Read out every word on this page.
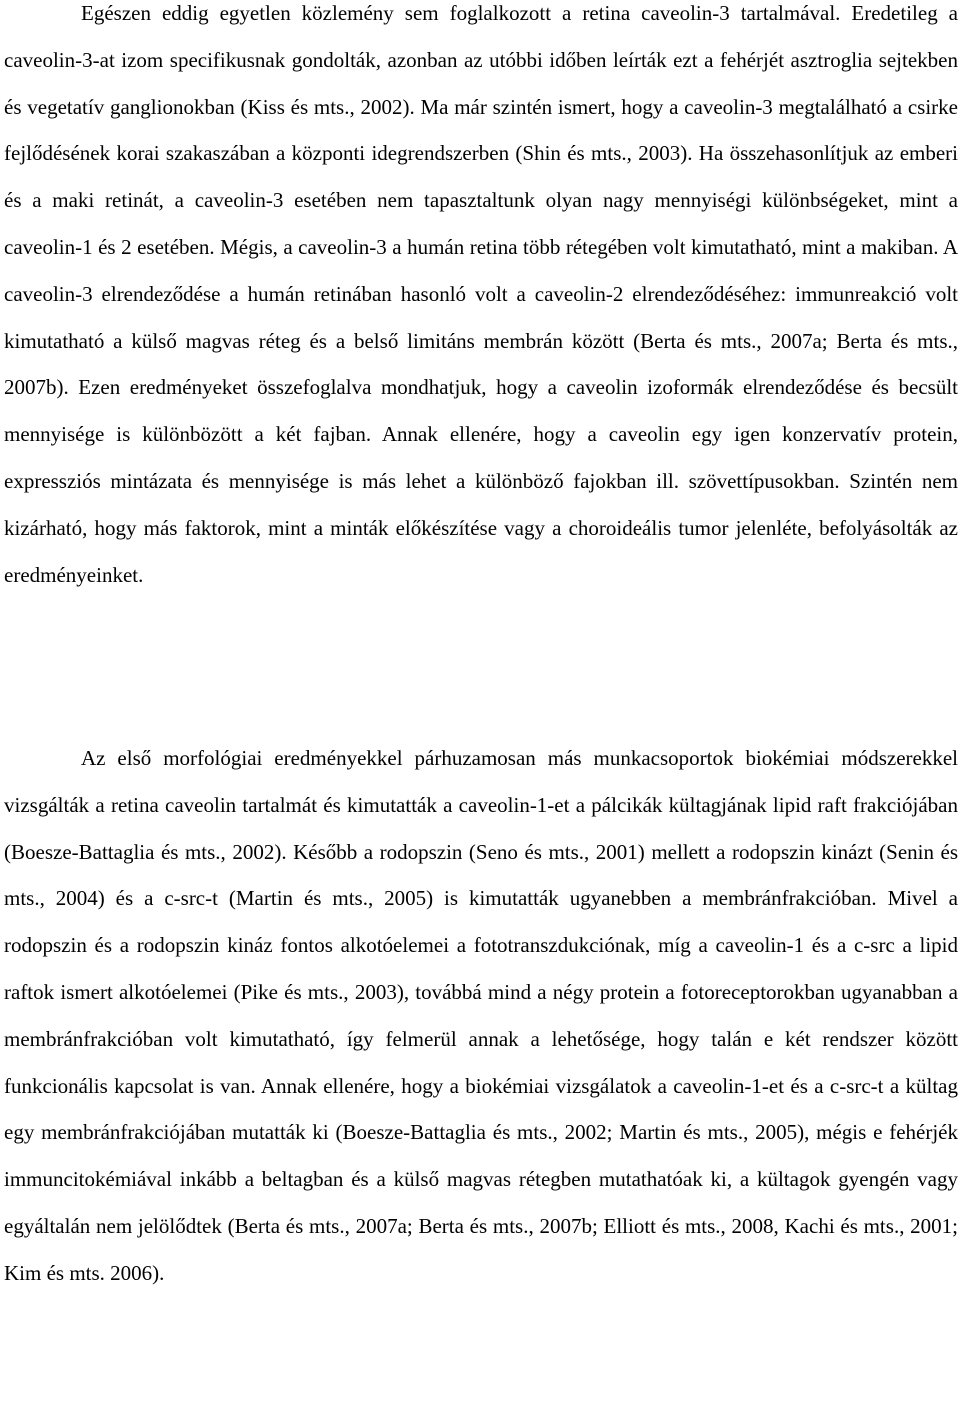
Egészen eddig egyetlen közlemény sem foglalkozott a retina caveolin-3 tartalmával. Eredetileg a caveolin-3-at izom specifikusnak gondolták, azonban az utóbbi időben leírták ezt a fehérjét asztroglia sejtekben és vegetatív ganglionokban (Kiss és mts., 2002). Ma már szintén ismert, hogy a caveolin-3 megtalálható a csirke fejlődésének korai szakaszában a központi idegrendszerben (Shin és mts., 2003). Ha összehasonlítjuk az emberi és a maki retinát, a caveolin-3 esetében nem tapasztaltunk olyan nagy mennyiségi különbségeket, mint a caveolin-1 és 2 esetében. Mégis, a caveolin-3 a humán retina több rétegében volt kimutatható, mint a makiban. A caveolin-3 elrendeződése a humán retinában hasonló volt a caveolin-2 elrendeződéséhez: immunreakció volt kimutatható a külső magvas réteg és a belső limitáns membrán között (Berta és mts., 2007a; Berta és mts., 2007b). Ezen eredményeket összefoglalva mondhatjuk, hogy a caveolin izoformák elrendeződése és becsült mennyisége is különbözött a két fajban. Annak ellenére, hogy a caveolin egy igen konzervatív protein, expressziós mintázata és mennyisége is más lehet a különböző fajokban ill. szövettípusokban. Szintén nem kizárható, hogy más faktorok, mint a minták előkészítése vagy a choroideális tumor jelenléte, befolyásolták az eredményeinket.

Az első morfológiai eredményekkel párhuzamosan más munkacsoportok biokémiai módszerekkel vizsgálták a retina caveolin tartalmát és kimutatták a caveolin-1-et a pálcikák kültagjának lipid raft frakciójában (Boesze-Battaglia és mts., 2002). Később a rodopszin (Seno és mts., 2001) mellett a rodopszin kinázt (Senin és mts., 2004) és a c-src-t (Martin és mts., 2005) is kimutatták ugyanebben a membránfrakcióban. Mivel a rodopszin és a rodopszin kináz fontos alkotóelemei a fototranszdukciónak, míg a caveolin-1 és a c-src a lipid raftok ismert alkotóelemei (Pike és mts., 2003), továbbá mind a négy protein a fotoreceptorokban ugyanabban a membránfrakcióban volt kimutatható, így felmerül annak a lehetősége, hogy talán e két rendszer között funkcionális kapcsolat is van. Annak ellenére, hogy a biokémiai vizsgálatok a caveolin-1-et és a c-src-t a kültag egy membránfrakciójában mutatták ki (Boesze-Battaglia és mts., 2002; Martin és mts., 2005), mégis e fehérjék immuncitokémiával inkább a beltagban és a külső magvas rétegben mutathatóak ki, a kültagok gyengén vagy egyáltalán nem jelölődtek (Berta és mts., 2007a; Berta és mts., 2007b; Elliott és mts., 2008, Kachi és mts., 2001; Kim és mts. 2006).
